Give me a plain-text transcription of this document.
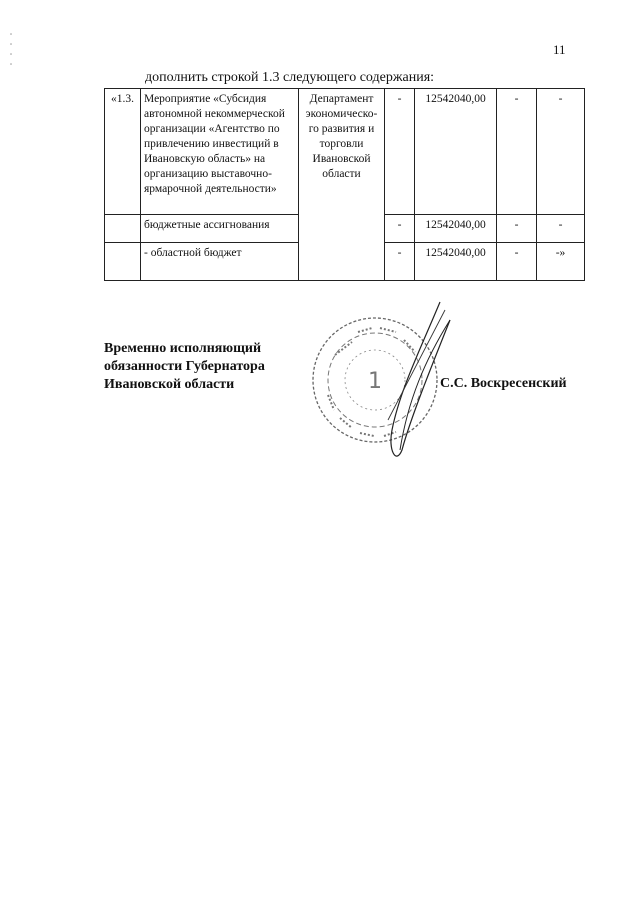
11
дополнить строкой 1.3 следующего содержания:
«1.3.	Мероприятие «Субсидия автономной некоммерческой организации «Агентство по привлечению инвестиций в Ивановскую область» на организацию выставочно-ярмарочной деятельности»	Департамент экономическо-го развития и торговли Ивановской области	-	12542040,00	-	-
	бюджетные ассигнования		-	12542040,00	-	-
	- областной бюджет		-	12542040,00	-	-»
Временно исполняющий
обязанности Губернатора
Ивановской области	1	С.С. Воскресенский
